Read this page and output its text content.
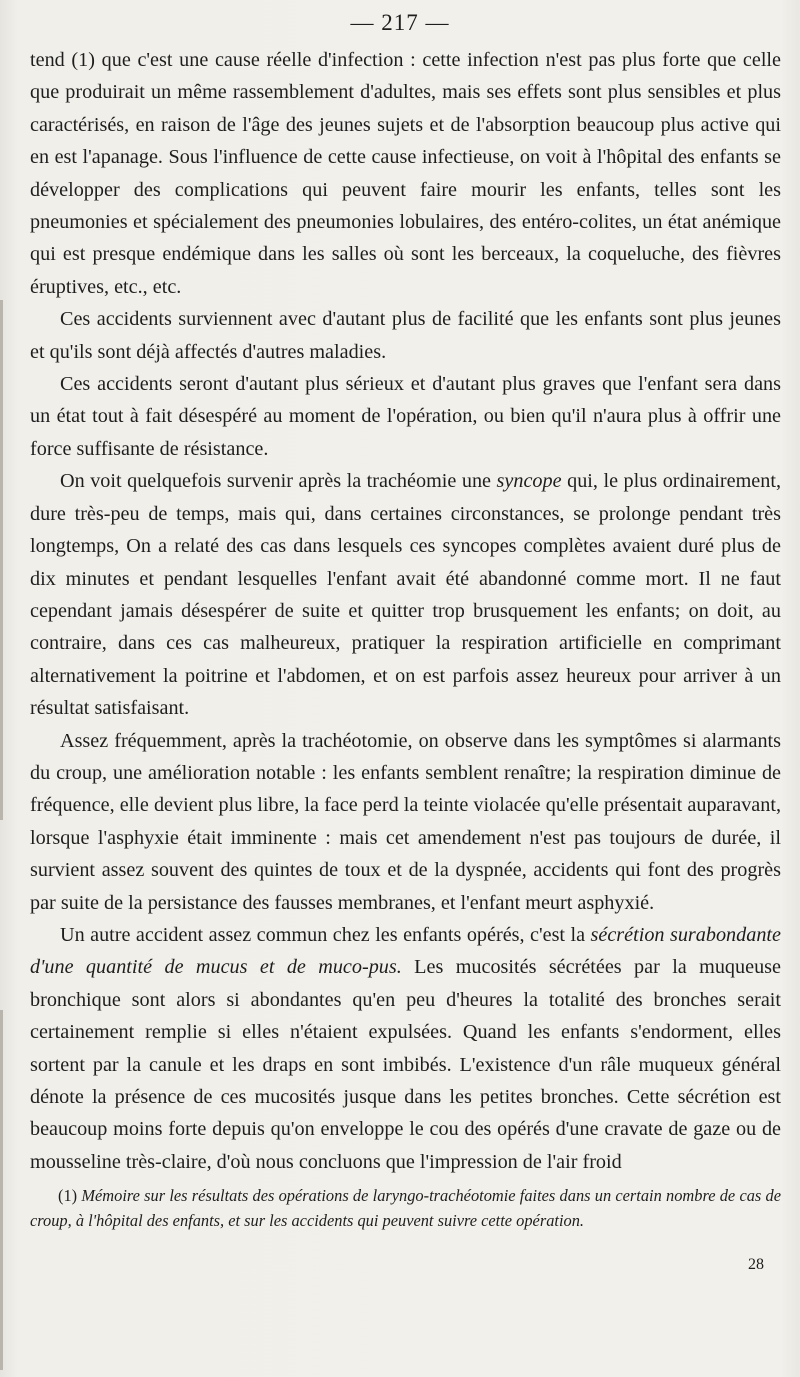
— 217 —

tend (1) que c'est une cause réelle d'infection : cette infection n'est pas plus forte que celle que produirait un même rassemblement d'adultes, mais ses effets sont plus sensibles et plus caractérisés, en raison de l'âge des jeunes sujets et de l'absorption beaucoup plus active qui en est l'apanage. Sous l'influence de cette cause infectieuse, on voit à l'hôpital des enfants se développer des complications qui peuvent faire mourir les enfants, telles sont les pneumonies et spécialement des pneumonies lobulaires, des entéro-colites, un état anémique qui est presque endémique dans les salles où sont les berceaux, la coqueluche, des fièvres éruptives, etc., etc.

Ces accidents surviennent avec d'autant plus de facilité que les enfants sont plus jeunes et qu'ils sont déjà affectés d'autres maladies.

Ces accidents seront d'autant plus sérieux et d'autant plus graves que l'enfant sera dans un état tout à fait désespéré au moment de l'opération, ou bien qu'il n'aura plus à offrir une force suffisante de résistance.

On voit quelquefois survenir après la trachéomie une syncope qui, le plus ordinairement, dure très-peu de temps, mais qui, dans certaines circonstances, se prolonge pendant très longtemps, On a relaté des cas dans lesquels ces syncopes complètes avaient duré plus de dix minutes et pendant lesquelles l'enfant avait été abandonné comme mort. Il ne faut cependant jamais désespérer de suite et quitter trop brusquement les enfants; on doit, au contraire, dans ces cas malheureux, pratiquer la respiration artificielle en comprimant alternativement la poitrine et l'abdomen, et on est parfois assez heureux pour arriver à un résultat satisfaisant.

Assez fréquemment, après la trachéotomie, on observe dans les symptômes si alarmants du croup, une amélioration notable : les enfants semblent renaître; la respiration diminue de fréquence, elle devient plus libre, la face perd la teinte violacée qu'elle présentait auparavant, lorsque l'asphyxie était imminente : mais cet amendement n'est pas toujours de durée, il survient assez souvent des quintes de toux et de la dyspnée, accidents qui font des progrès par suite de la persistance des fausses membranes, et l'enfant meurt asphyxié.

Un autre accident assez commun chez les enfants opérés, c'est la sécrétion surabondante d'une quantité de mucus et de muco-pus. Les mucosités sécrétées par la muqueuse bronchique sont alors si abondantes qu'en peu d'heures la totalité des bronches serait certainement remplie si elles n'étaient expulsées. Quand les enfants s'endorment, elles sortent par la canule et les draps en sont imbibés. L'existence d'un râle muqueux général dénote la présence de ces mucosités jusque dans les petites bronches. Cette sécrétion est beaucoup moins forte depuis qu'on enveloppe le cou des opérés d'une cravate de gaze ou de mousseline très-claire, d'où nous concluons que l'impression de l'air froid

(1) Mémoire sur les résultats des opérations de laryngo-trachéotomie faites dans un certain nombre de cas de croup, à l'hôpital des enfants, et sur les accidents qui peuvent suivre cette opération.
28
